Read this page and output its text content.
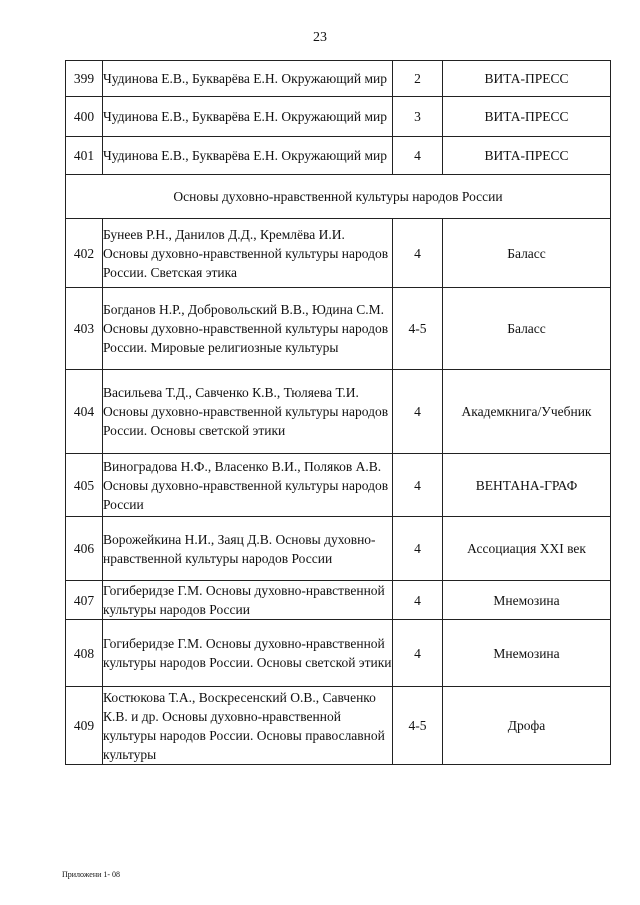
23
399	Чудинова Е.В., Букварёва Е.Н. Окружающий мир	2	ВИТА-ПРЕСС
400	Чудинова Е.В., Букварёва Е.Н. Окружающий мир	3	ВИТА-ПРЕСС
401	Чудинова Е.В., Букварёва Е.Н. Окружающий мир	4	ВИТА-ПРЕСС
Основы духовно-нравственной культуры народов России			
402	Бунеев Р.Н., Данилов Д.Д., Кремлёва И.И. Основы духовно-нравственной культуры народов России. Светская этика	4	Баласс
403	Богданов Н.Р., Добровольский В.В., Юдина С.М. Основы духовно-нравственной культуры народов России. Мировые религиозные культуры	4-5	Баласс
404	Васильева Т.Д., Савченко К.В., Тюляева Т.И. Основы духовно-нравственной культуры народов России. Основы светской этики	4	Академкнига/Учебник
405	Виноградова Н.Ф., Власенко В.И., Поляков А.В. Основы духовно-нравственной культуры народов России	4	ВЕНТАНА-ГРАФ
406	Ворожейкина Н.И., Заяц Д.В. Основы духовно-нравственной культуры народов России	4	Ассоциация XXI век
407	Гогиберидзе Г.М. Основы духовно-нравственной культуры народов России	4	Мнемозина
408	Гогиберидзе Г.М. Основы духовно-нравственной культуры народов России. Основы светской этики	4	Мнемозина
409	Костюкова Т.А., Воскресенский О.В., Савченко К.В. и др. Основы духовно-нравственной культуры народов России. Основы православной культуры	4-5	Дрофа
Приложени 1- 08
